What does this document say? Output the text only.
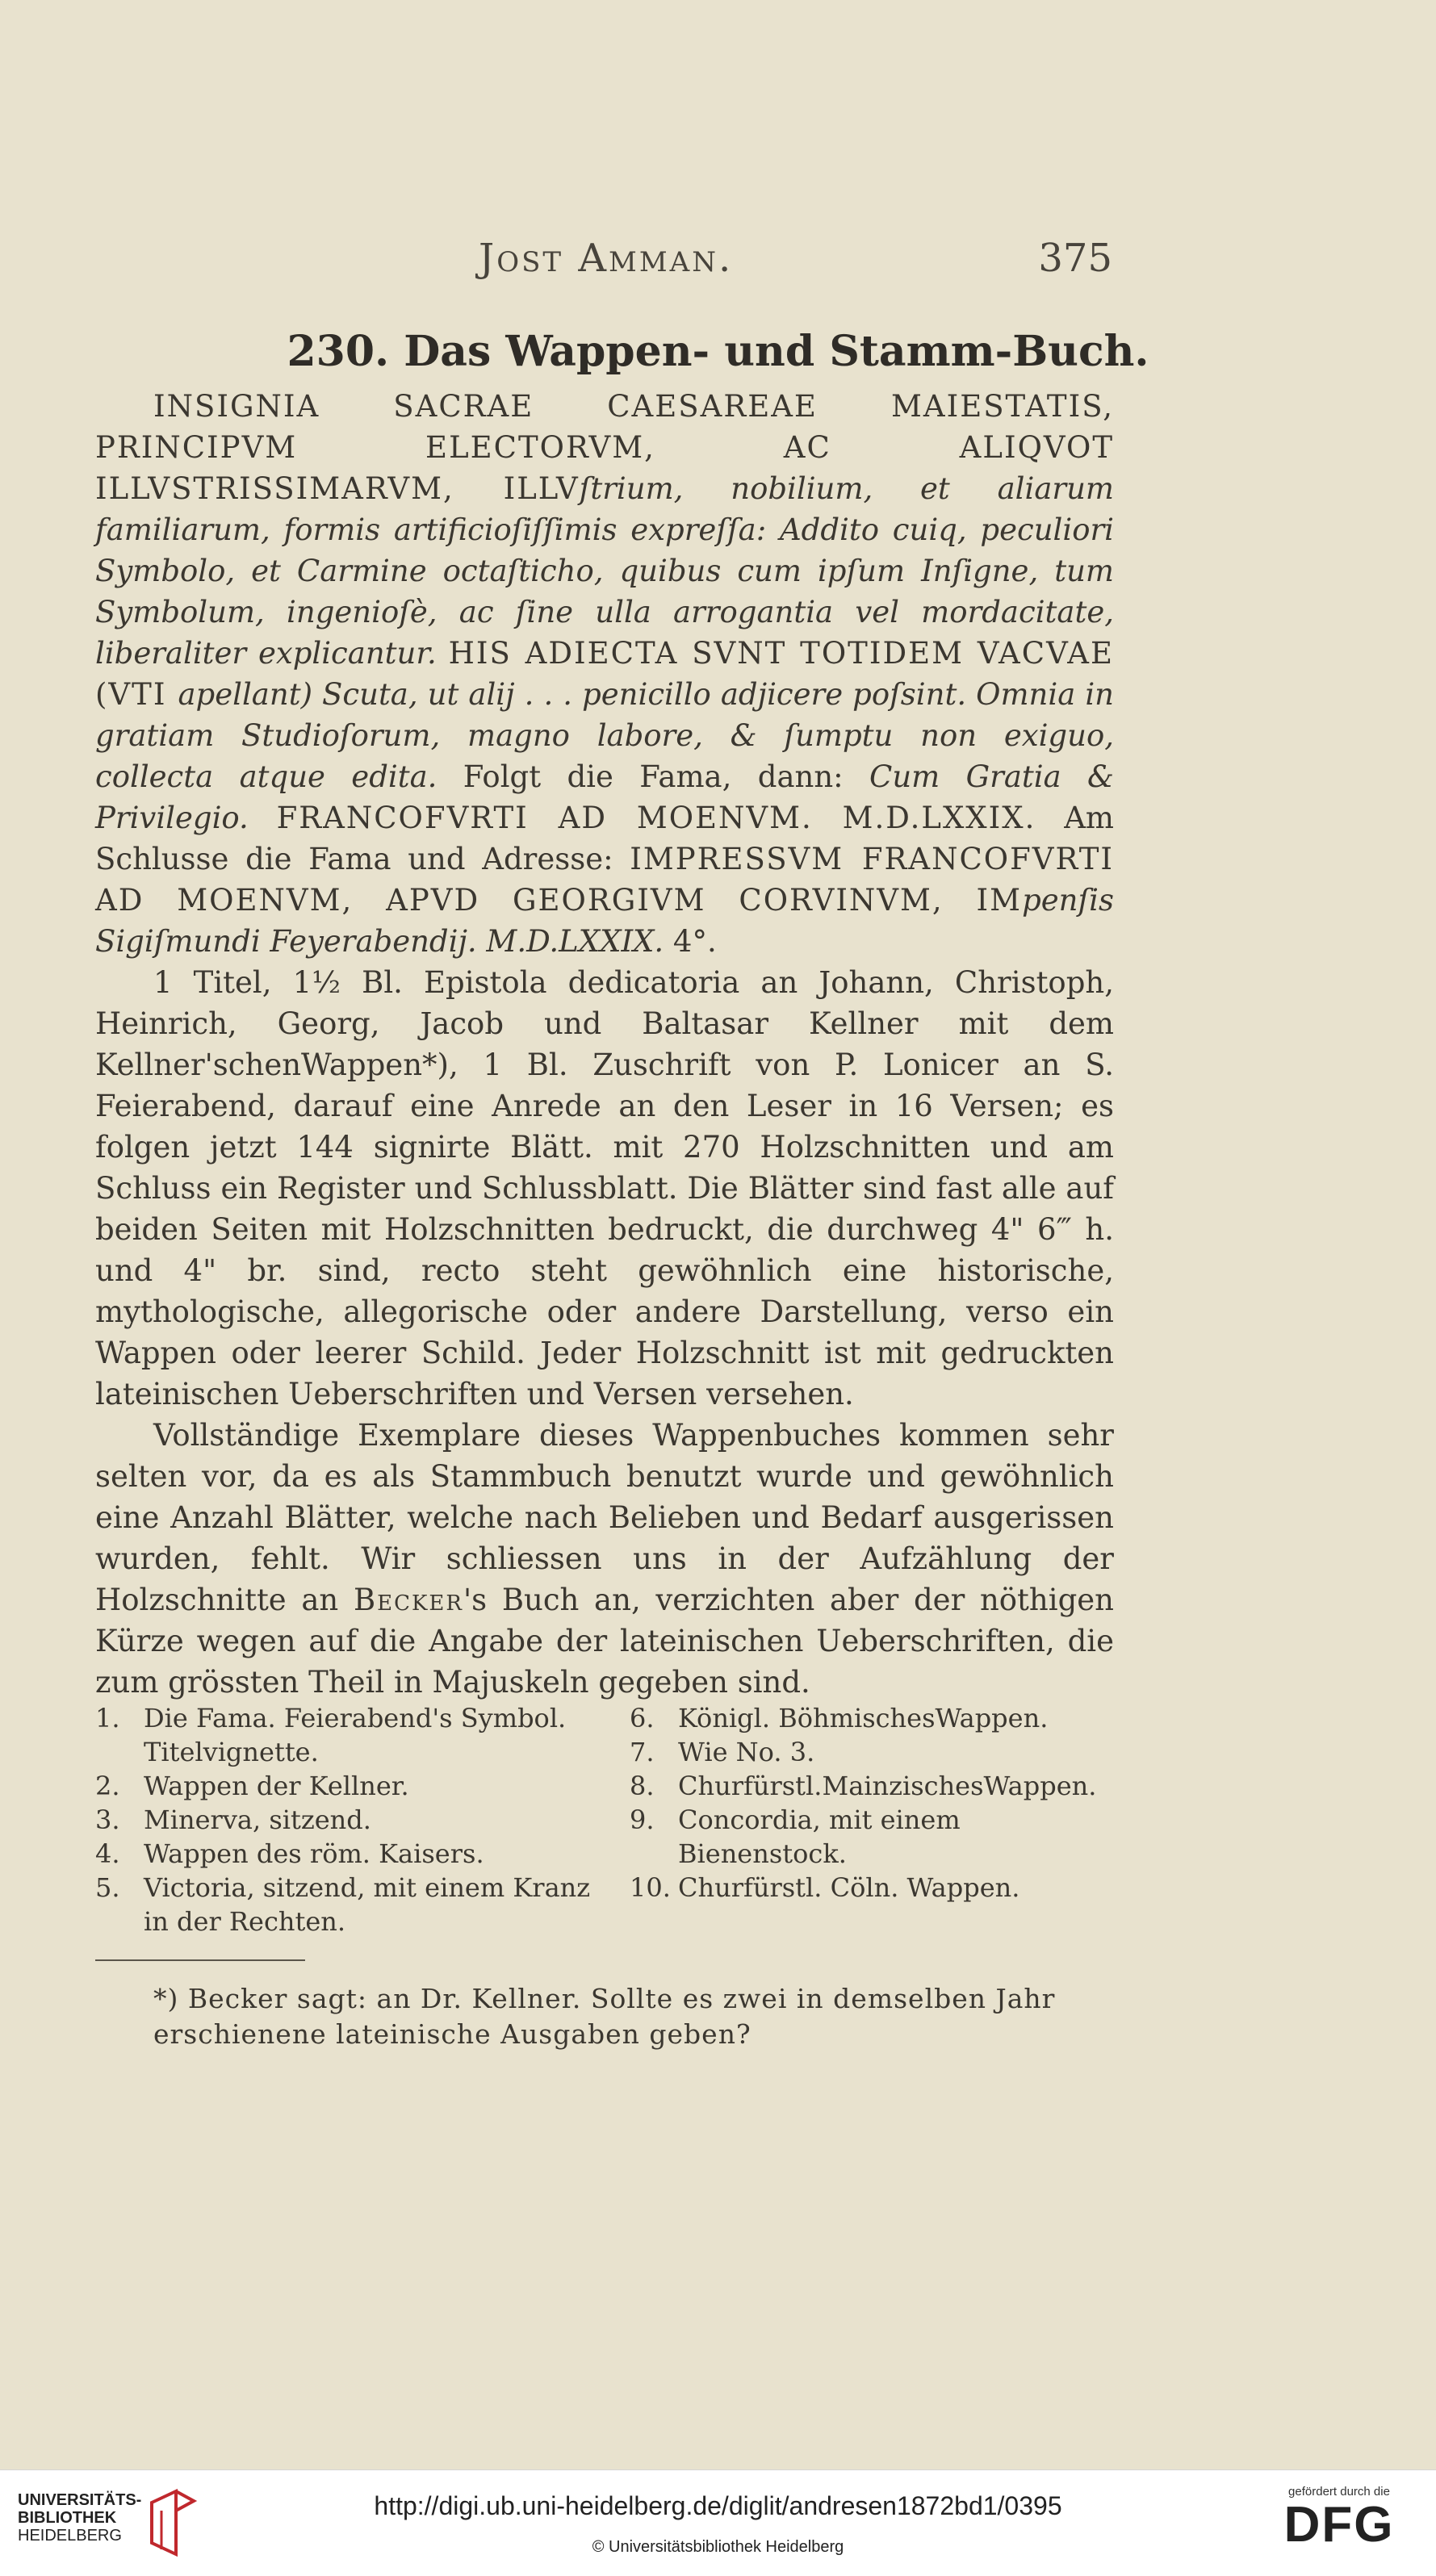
Jost Amman.	375
230. Das Wappen- und Stamm-Buch.

INSIGNIA SACRAE CAESAREAE MAIESTATIS, PRINCIPVM ELECTORVM, AC ALIQVOT ILLVSTRISSIMARVM, ILLVſtrium, nobilium, et aliarum familiarum, formis artificioſiſſimis expreſſa: Addito cuiq, peculiori Symbolo, et Carmine octaſticho, quibus cum ipſum Inſigne, tum Symbolum, ingenioſè, ac ſine ulla arrogantia vel mordacitate, liberaliter explicantur. HIS ADIECTA SVNT TOTIDEM VACVAE (VTI apellant) Scuta, ut alij . . . penicillo adjicere poſsint. Omnia in gratiam Studioſorum, magno labore, & ſumptu non exiguo, collecta atque edita. Folgt die Fama, dann: Cum Gratia & Privilegio. FRANCOFVRTI AD MOENVM. M.D.LXXIX. Am Schlusse die Fama und Adresse: IMPRESSVM FRANCOFVRTI AD MOENVM, APVD GEORGIVM CORVINVM, IMpenſis Sigiſmundi Feyerabendij. M.D.LXXIX. 4°.

1 Titel, 1½ Bl. Epistola dedicatoria an Johann, Christoph, Heinrich, Georg, Jacob und Baltasar Kellner mit dem Kellner'schenWappen*), 1 Bl. Zuschrift von P. Lonicer an S. Feierabend, darauf eine Anrede an den Leser in 16 Versen; es folgen jetzt 144 signirte Blätt. mit 270 Holzschnitten und am Schluss ein Register und Schlussblatt. Die Blätter sind fast alle auf beiden Seiten mit Holzschnitten bedruckt, die durchweg 4" 6‴ h. und 4" br. sind, recto steht gewöhnlich eine historische, mythologische, allegorische oder andere Darstellung, verso ein Wappen oder leerer Schild. Jeder Holzschnitt ist mit gedruckten lateinischen Ueberschriften und Versen versehen.

Vollständige Exemplare dieses Wappenbuches kommen sehr selten vor, da es als Stammbuch benutzt wurde und gewöhnlich eine Anzahl Blätter, welche nach Belieben und Bedarf ausgerissen wurden, fehlt. Wir schliessen uns in der Aufzählung der Holzschnitte an Becker's Buch an, verzichten aber der nöthigen Kürze wegen auf die Angabe der lateinischen Ueberschriften, die zum grössten Theil in Majuskeln gegeben sind.

1. Die Fama. Feierabend's Symbol. Titelvignette.
2. Wappen der Kellner.
3. Minerva, sitzend.
4. Wappen des röm. Kaisers.
5. Victoria, sitzend, mit einem Kranz in der Rechten.
6. Königl. BöhmischesWappen.
7. Wie No. 3.
8. Churfürstl.MainzischesWappen.
9. Concordia, mit einem Bienenstock.
10. Churfürstl. Cöln. Wappen.
*) Becker sagt: an Dr. Kellner. Sollte es zwei in demselben Jahr erschienene lateinische Ausgaben geben?
UNIVERSITÄTS-
BIBLIOTHEK
HEIDELBERG
http://digi.ub.uni-heidelberg.de/diglit/andresen1872bd1/0395
© Universitätsbibliothek Heidelberg
gefördert durch die
DFG
